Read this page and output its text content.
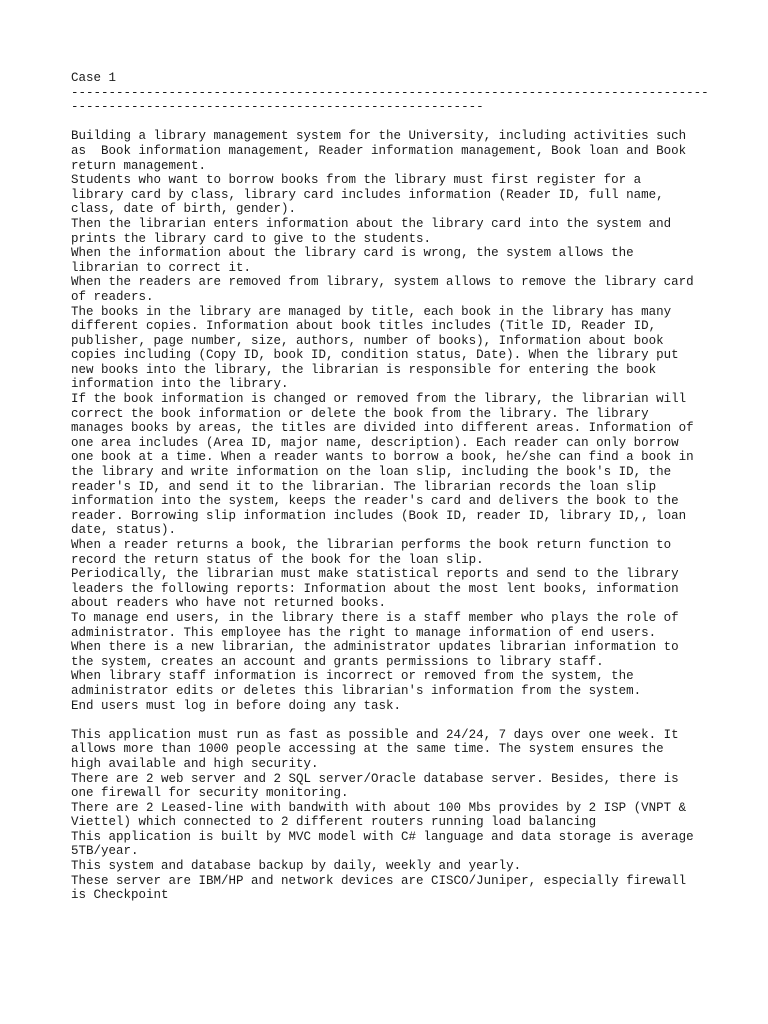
Case 1
-------------------------------------------------------------------------------------
-------------------------------------------------------
Building a library management system for the University, including activities such
as  Book information management, Reader information management, Book loan and Book
return management.
Students who want to borrow books from the library must first register for a
library card by class, library card includes information (Reader ID, full name,
class, date of birth, gender).
Then the librarian enters information about the library card into the system and
prints the library card to give to the students.
When the information about the library card is wrong, the system allows the
librarian to correct it.
When the readers are removed from library, system allows to remove the library card
of readers.
The books in the library are managed by title, each book in the library has many
different copies. Information about book titles includes (Title ID, Reader ID,
publisher, page number, size, authors, number of books), Information about book
copies including (Copy ID, book ID, condition status, Date). When the library put
new books into the library, the librarian is responsible for entering the book
information into the library.
If the book information is changed or removed from the library, the librarian will
correct the book information or delete the book from the library. The library
manages books by areas, the titles are divided into different areas. Information of
one area includes (Area ID, major name, description). Each reader can only borrow
one book at a time. When a reader wants to borrow a book, he/she can find a book in
the library and write information on the loan slip, including the book's ID, the
reader's ID, and send it to the librarian. The librarian records the loan slip
information into the system, keeps the reader's card and delivers the book to the
reader. Borrowing slip information includes (Book ID, reader ID, library ID,, loan
date, status).
When a reader returns a book, the librarian performs the book return function to
record the return status of the book for the loan slip.
Periodically, the librarian must make statistical reports and send to the library
leaders the following reports: Information about the most lent books, information
about readers who have not returned books.
To manage end users, in the library there is a staff member who plays the role of
administrator. This employee has the right to manage information of end users.
When there is a new librarian, the administrator updates librarian information to
the system, creates an account and grants permissions to library staff.
When library staff information is incorrect or removed from the system, the
administrator edits or deletes this librarian's information from the system.
End users must log in before doing any task.
This application must run as fast as possible and 24/24, 7 days over one week. It
allows more than 1000 people accessing at the same time. The system ensures the
high available and high security.
There are 2 web server and 2 SQL server/Oracle database server. Besides, there is
one firewall for security monitoring.
There are 2 Leased-line with bandwith with about 100 Mbs provides by 2 ISP (VNPT &
Viettel) which connected to 2 different routers running load balancing
This application is built by MVC model with C# language and data storage is average
5TB/year.
This system and database backup by daily, weekly and yearly.
These server are IBM/HP and network devices are CISCO/Juniper, especially firewall
is Checkpoint
